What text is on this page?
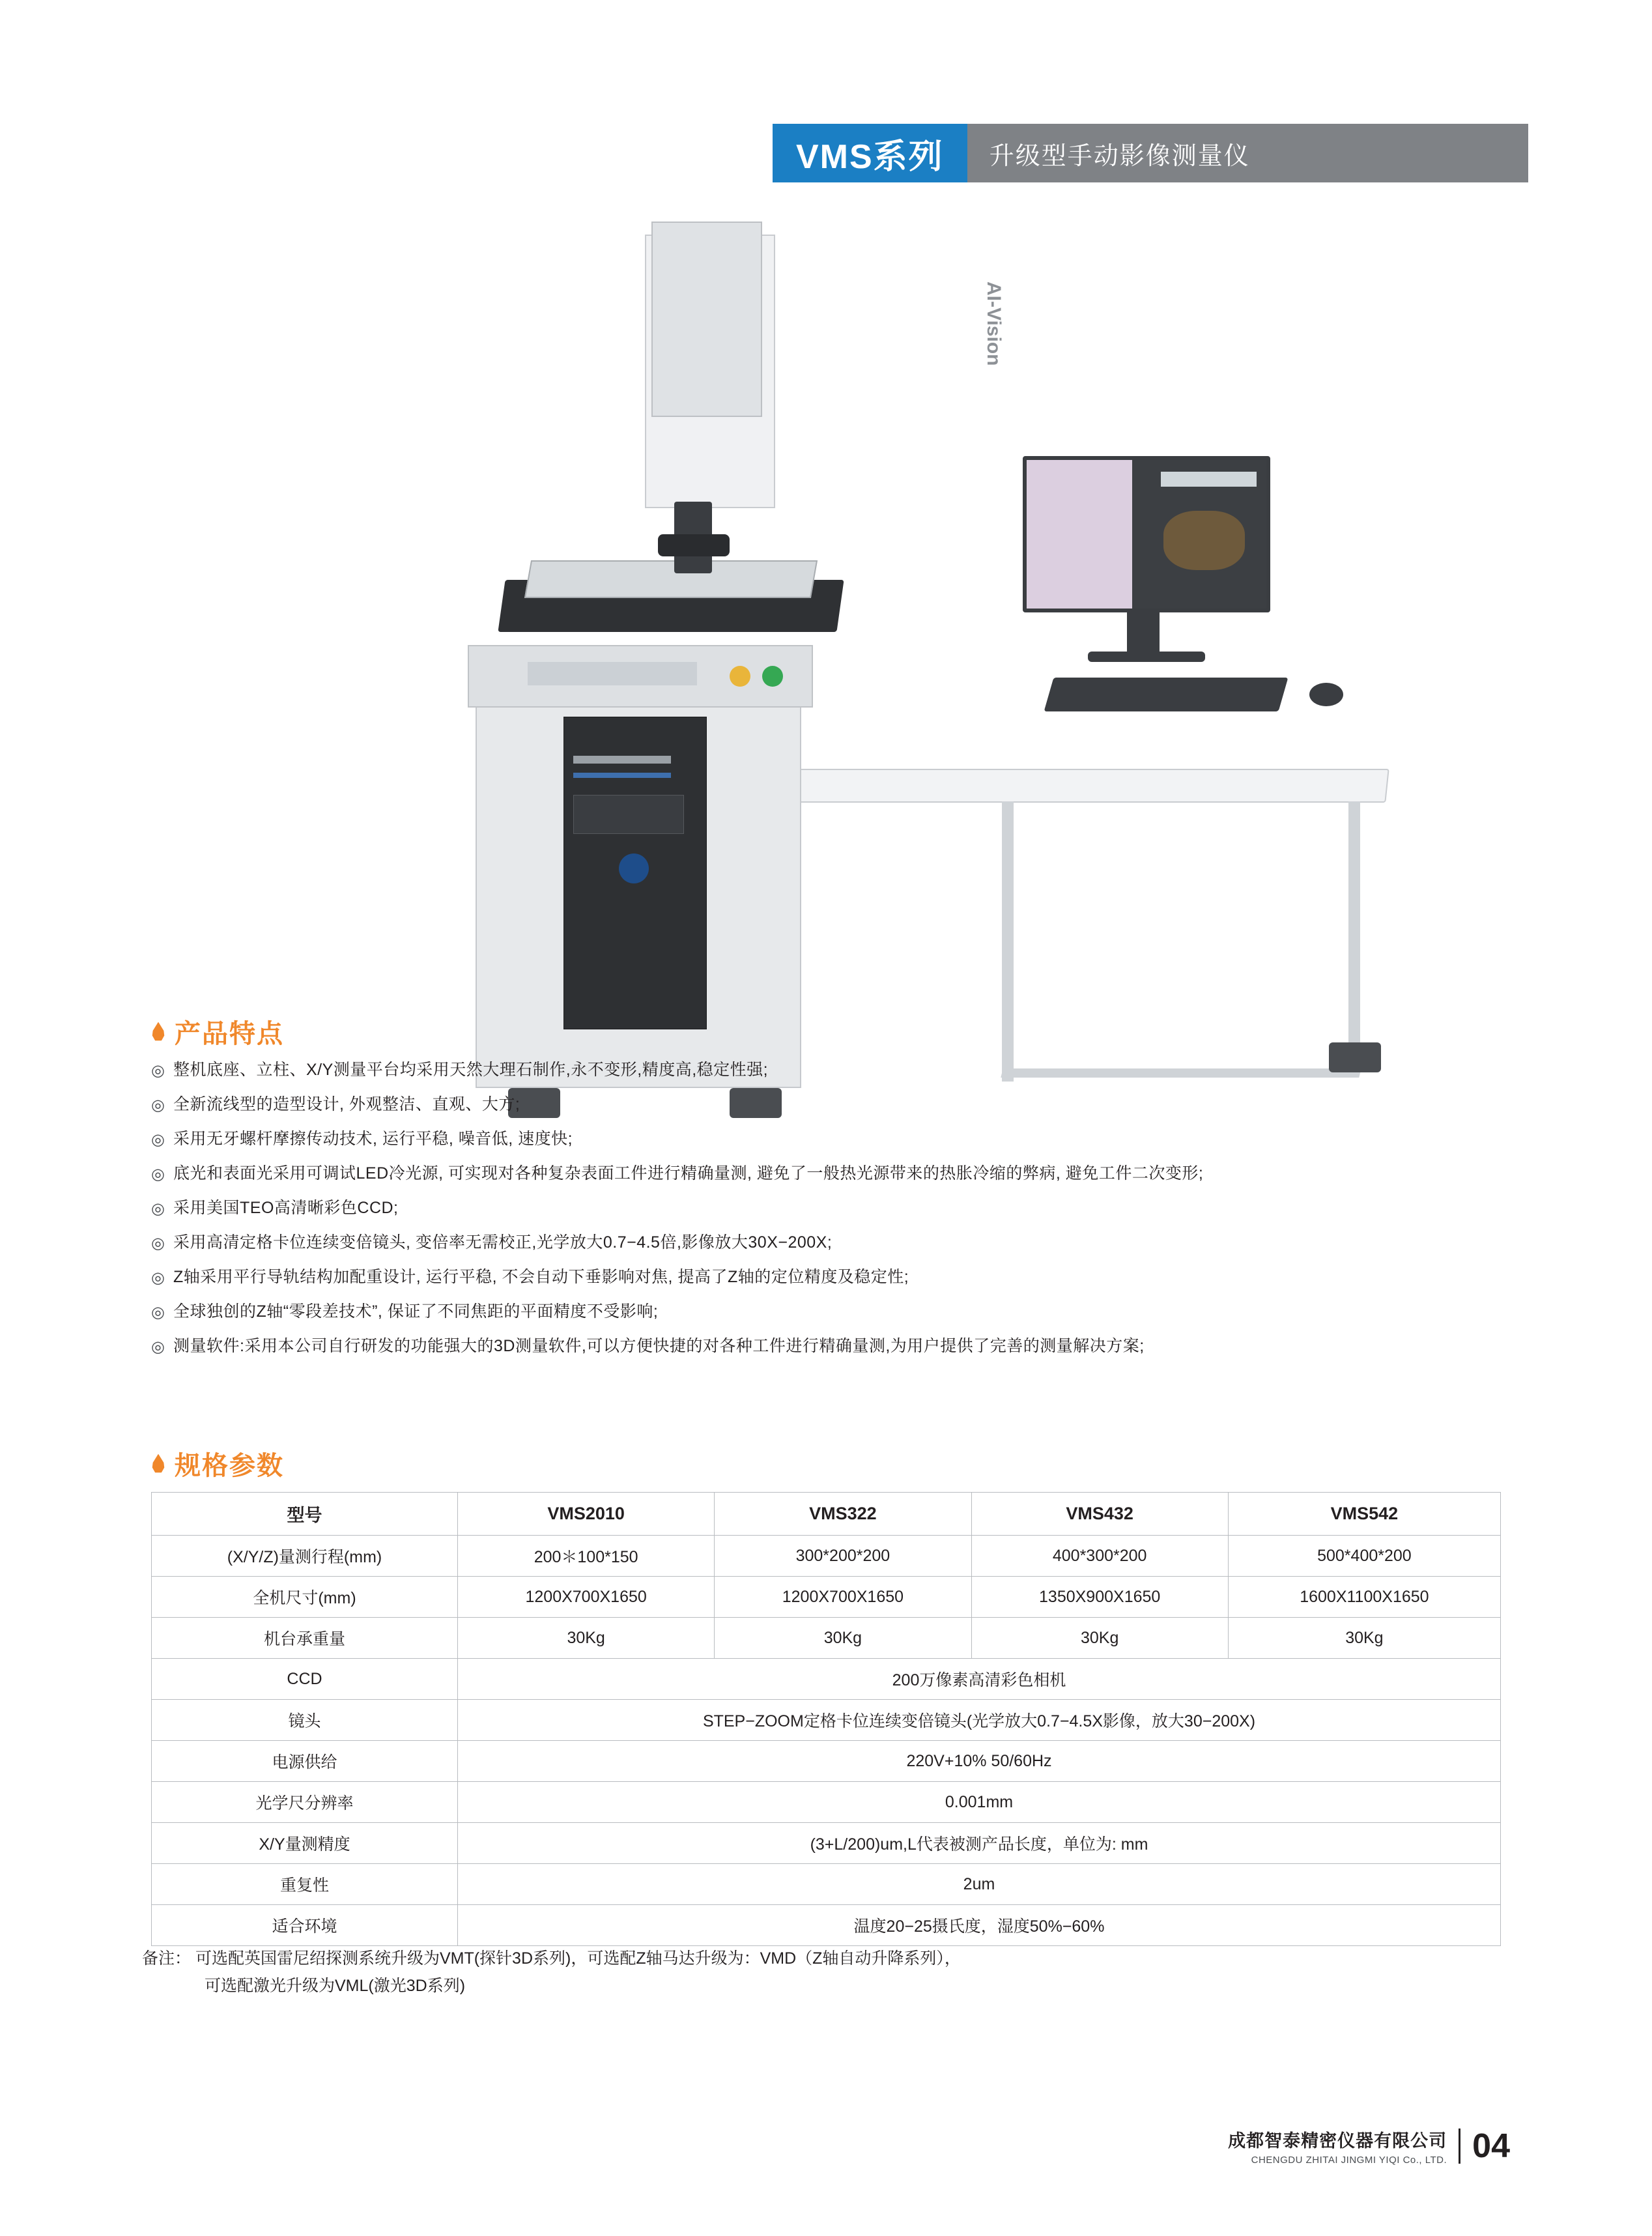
VMS系列	升级型手动影像测量仪
AI-Vision
产品特点
◎ 整机底座、立柱、X/Y测量平台均采用天然大理石制作,永不变形,精度高,稳定性强;
◎ 全新流线型的造型设计, 外观整洁、直观、大方;
◎ 采用无牙螺杆摩擦传动技术, 运行平稳, 噪音低, 速度快;
◎ 底光和表面光采用可调试LED冷光源, 可实现对各种复杂表面工件进行精确量测, 避免了一般热光源带来的热胀冷缩的弊病, 避免工件二次变形;
◎ 采用美国TEO高清晰彩色CCD;
◎ 采用高清定格卡位连续变倍镜头, 变倍率无需校正,光学放大0.7−4.5倍,影像放大30X−200X;
◎ Z轴采用平行导轨结构加配重设计, 运行平稳, 不会自动下垂影响对焦, 提高了Z轴的定位精度及稳定性;
◎ 全球独创的Z轴“零段差技术”, 保证了不同焦距的平面精度不受影响;
◎ 测量软件:采用本公司自行研发的功能强大的3D测量软件,可以方便快捷的对各种工件进行精确量测,为用户提供了完善的测量解决方案;
规格参数
型号	VMS2010	VMS322	VMS432	VMS542
(X/Y/Z)量测行程(mm)	200＊100*150	300*200*200	400*300*200	500*400*200
全机尺寸(mm)	1200X700X1650	1200X700X1650	1350X900X1650	1600X1100X1650
机台承重量	30Kg	30Kg	30Kg	30Kg
CCD	200万像素高清彩色相机			
镜头	STEP−ZOOM定格卡位连续变倍镜头(光学放大0.7−4.5X影像，放大30−200X)			
电源供给	220V+10% 50/60Hz			
光学尺分辨率	0.001mm			
X/Y量测精度	(3+L/200)um,L代表被测产品长度，单位为: mm			
重复性	2um			
适合环境	温度20−25摄氏度，湿度50%−60%			
备注： 可选配英国雷尼绍探测系统升级为VMT(探针3D系列)，可选配Z轴马达升级为：VMD（Z轴自动升降系列），
可选配激光升级为VML(激光3D系列)
成都智泰精密仪器有限公司
CHENGDU ZHITAI JINGMI YIQI Co., LTD. 04
